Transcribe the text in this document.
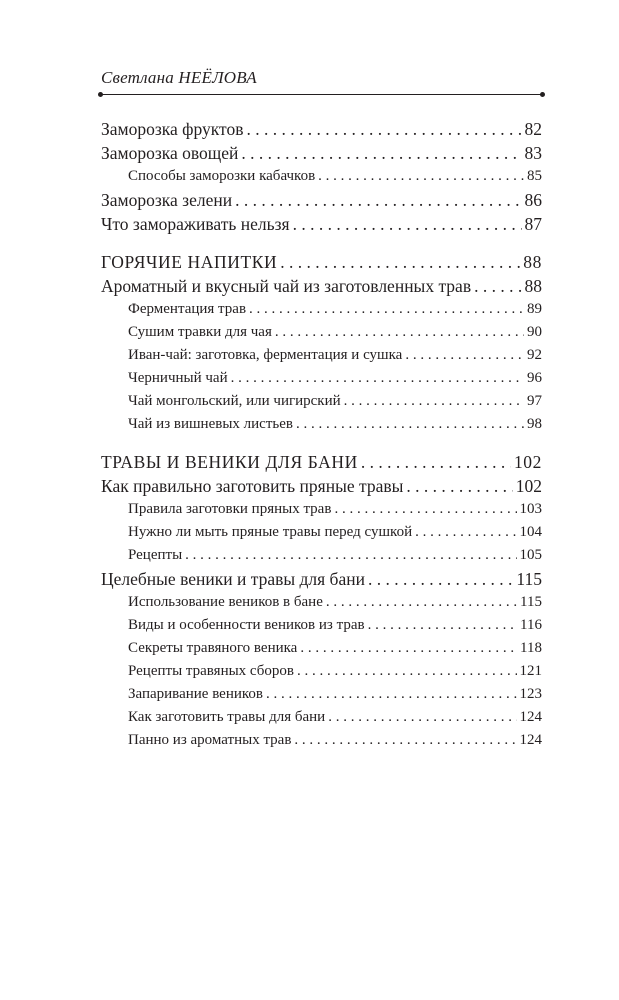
Светлана НЕЁЛОВА
Заморозка фруктов . . .	82
Заморозка овощей . . .	83
Способы заморозки кабачков . . .	85
Заморозка зелени . . .	86
Что замораживать нельзя . . .	87
ГОРЯЧИЕ НАПИТКИ . . .	88
Ароматный и вкусный чай из заготовленных трав . . .	88
Ферментация трав . . .	89
Сушим травки для чая . . .	90
Иван-чай: заготовка, ферментация и сушка . . .	92
Черничный чай . . .	96
Чай монгольский, или чигирский . . .	97
Чай из вишневых листьев . . .	98
ТРАВЫ И ВЕНИКИ ДЛЯ БАНИ . . .	102
Как правильно заготовить пряные травы . . .	102
Правила заготовки пряных трав . . .	103
Нужно ли мыть пряные травы перед сушкой . . .	104
Рецепты . . .	105
Целебные веники и травы для бани . . .	115
Использование веников в бане . . .	115
Виды и особенности веников из трав . . .	116
Секреты травяного веника . . .	118
Рецепты травяных сборов . . .	121
Запаривание веников . . .	123
Как заготовить травы для бани . . .	124
Панно из ароматных трав . . .	124
